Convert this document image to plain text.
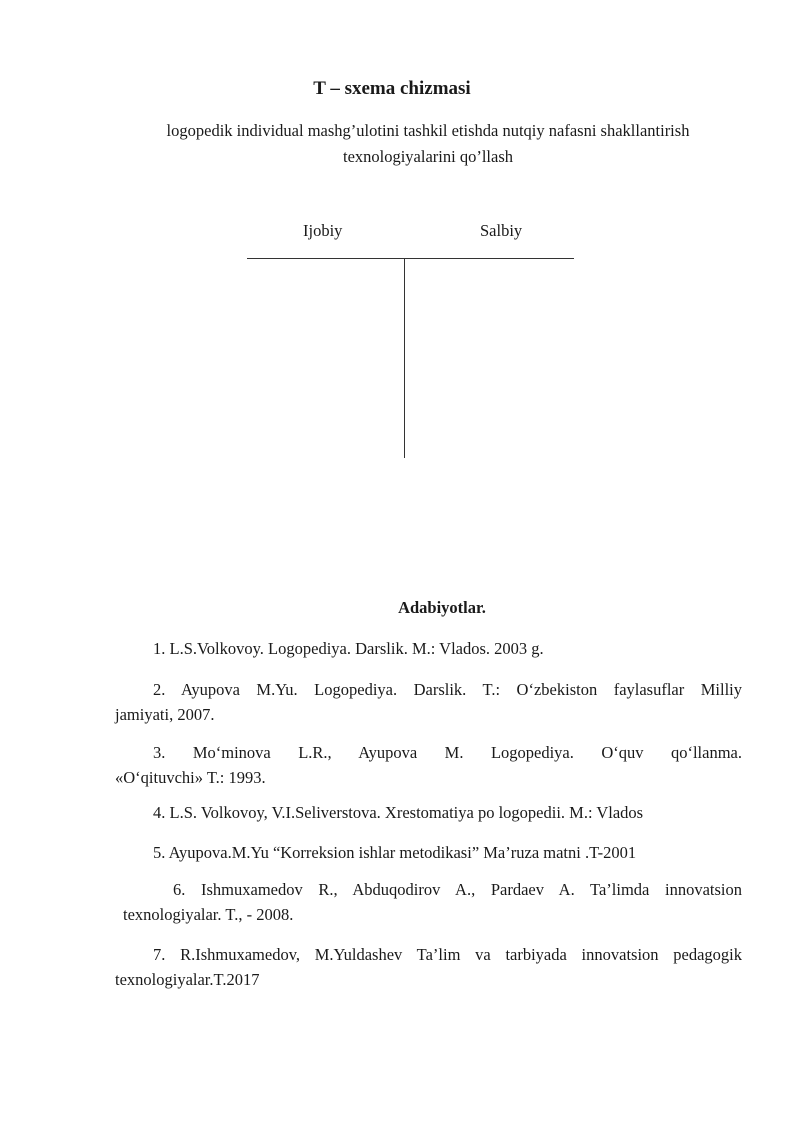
T – sxema chizmasi
logopedik individual mashg’ulotini tashkil etishda nutqiy nafasni shakllantirish
texnologiyalarini qo’llash
Ijobiy	Salbiy
Adabiyotlar.
1. L.S.Volkovoy. Logopediya. Darslik. M.: Vlados. 2003 g.
2. Ayupova M.Yu. Logopediya. Darslik. T.: O‘zbekiston faylasuflar Milliy
jamiyati, 2007.
3. Mo‘minova L.R., Ayupova M. Logopediya. O‘quv qo‘llanma.
«O‘qituvchi» T.: 1993.
4. L.S. Volkovoy, V.I.Seliverstova. Xrestomatiya po logopedii. M.: Vlados
5. Ayupova.M.Yu “Korreksion ishlar metodikasi” Ma’ruza matni .T-2001
6. Ishmuxamedov R., Abduqodirov A., Pardaev A. Ta’limda innovatsion
texnologiyalar. T., - 2008.
7. R.Ishmuxamedov, M.Yuldashev Ta’lim va tarbiyada innovatsion pedagogik
texnologiyalar.T.2017
